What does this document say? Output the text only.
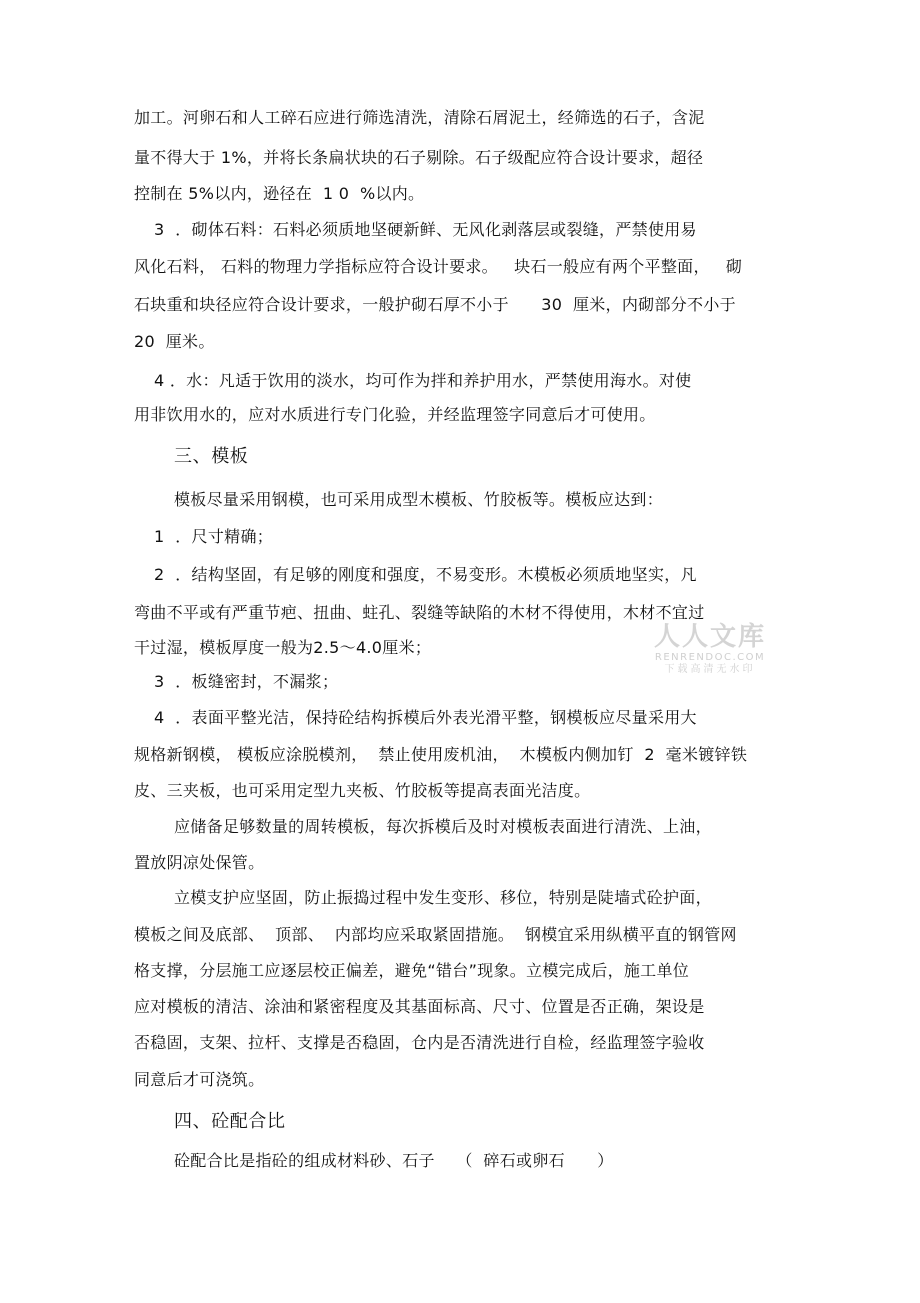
加工。河卵石和人工碎石应进行筛选清洗，清除石屑泥土，经筛选的石子，含泥
量不得大于 1%，并将长条扁状块的石子剔除。石子级配应符合设计要求，超径
控制在 5%以内，逊径在  1 0  %以内。
3  ．砌体石料：石料必须质地坚硬新鲜、无风化剥落层或裂缝，严禁使用易
风化石料， 石料的物理力学指标应符合设计要求。   块石一般应有两个平整面，   砌
石块重和块径应符合设计要求，一般护砌石厚不小于      30  厘米，内砌部分不小于
20  厘米。
4 ．水：凡适于饮用的淡水，均可作为拌和养护用水，严禁使用海水。对使
用非饮用水的，应对水质进行专门化验，并经监理签字同意后才可使用。
三、模板
模板尽量采用钢模，也可采用成型木模板、竹胶板等。模板应达到：
1  ．尺寸精确；
2  ．结构坚固，有足够的刚度和强度，不易变形。木模板必须质地坚实，凡
弯曲不平或有严重节疤、扭曲、蛀孔、裂缝等缺陷的木材不得使用，木材不宜过
干过湿，模板厚度一般为2.5～4.0厘米；
3  ．板缝密封，不漏浆；
4  ．表面平整光洁，保持砼结构拆模后外表光滑平整，钢模板应尽量采用大
规格新钢模， 模板应涂脱模剂，  禁止使用废机油，  木模板内侧加钉  2  毫米镀锌铁
皮、三夹板，也可采用定型九夹板、竹胶板等提高表面光洁度。
应储备足够数量的周转模板，每次拆模后及时对模板表面进行清洗、上油，
置放阴凉处保管。
立模支护应坚固，防止振捣过程中发生变形、移位，特别是陡墙式砼护面，
模板之间及底部、  顶部、  内部均应采取紧固措施。  钢模宜采用纵横平直的钢管网
格支撑，分层施工应逐层校正偏差，避免“错台”现象。立模完成后，施工单位
应对模板的清洁、涂油和紧密程度及其基面标高、尺寸、位置是否正确，架设是
否稳固，支架、拉杆、支撑是否稳固，仓内是否清洗进行自检，经监理签字验收
同意后才可浇筑。
四、砼配合比
砼配合比是指砼的组成材料砂、石子    （  碎石或卵石      ）
人人文库
RENRENDOC.COM
下载高清无水印
